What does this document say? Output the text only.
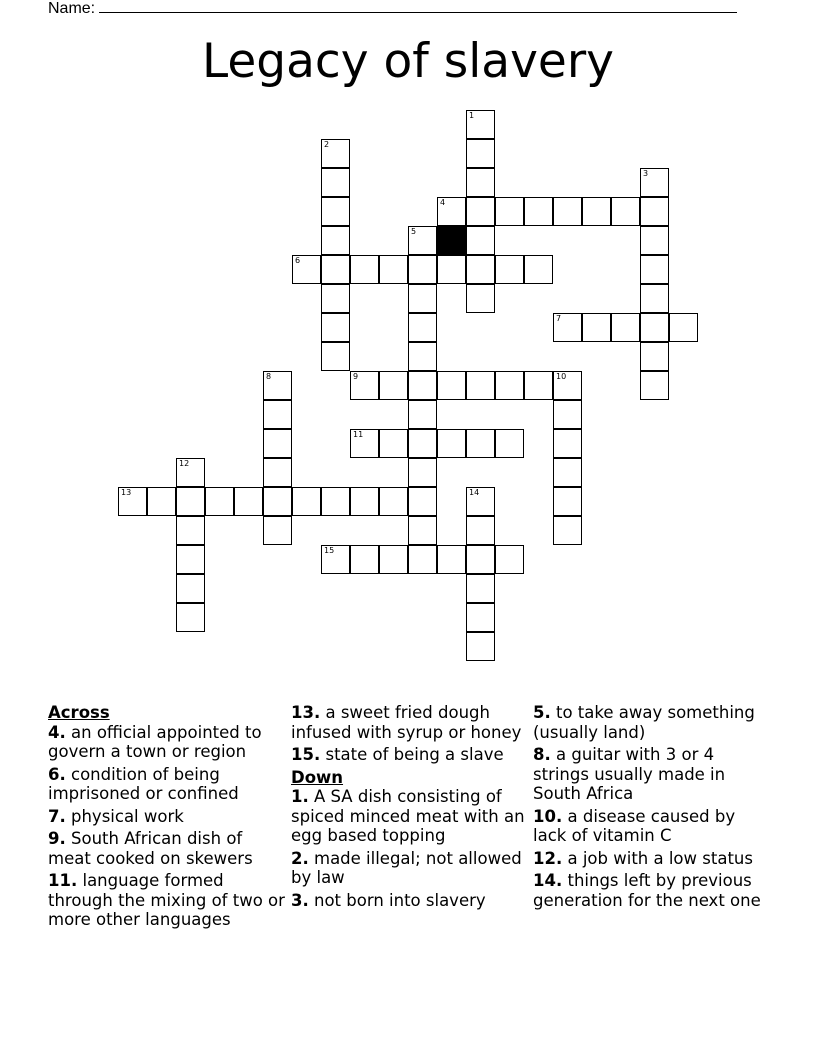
Name:
Legacy of slavery
1
2
3
4
5
6
7
8	9	10
11
12
13	14
15
Across

4. an official appointed to govern a town or region

6. condition of being imprisoned or confined

7. physical work

9. South African dish of meat cooked on skewers

11. language formed through the mixing of two or more other languages

13. a sweet fried dough infused with syrup or honey

15. state of being a slave

Down

1. A SA dish consisting of spiced minced meat with an egg based topping

2. made illegal; not allowed by law

3. not born into slavery

5. to take away something (usually land)

8. a guitar with 3 or 4 strings usually made in South Africa

10. a disease caused by lack of vitamin C

12. a job with a low status

14. things left by previous generation for the next one
